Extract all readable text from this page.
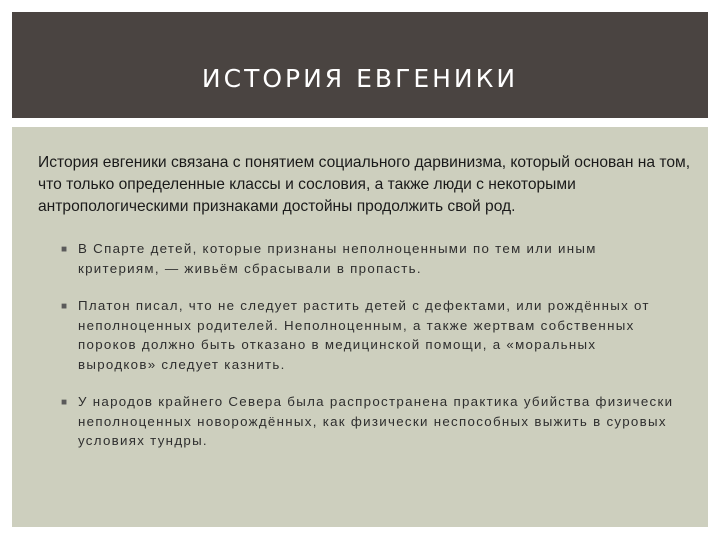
ИСТОРИЯ ЕВГЕНИКИ

История евгеники связана с понятием социального дарвинизма, который основан на том, что только определенные классы и сословия, а также люди с некоторыми антропологическими признаками достойны продолжить свой род.

■ В Спарте детей, которые признаны неполноценными по тем или иным критериям, — живьём сбрасывали в пропасть.
■ Платон писал, что не следует растить детей с дефектами, или рождённых от неполноценных родителей. Неполноценным, а также жертвам собственных пороков должно быть отказано в медицинской помощи, а «моральных выродков» следует казнить.
■ У народов крайнего Севера была распространена практика убийства физически неполноценных новорождённых, как физически неспособных выжить в суровых условиях тундры.
